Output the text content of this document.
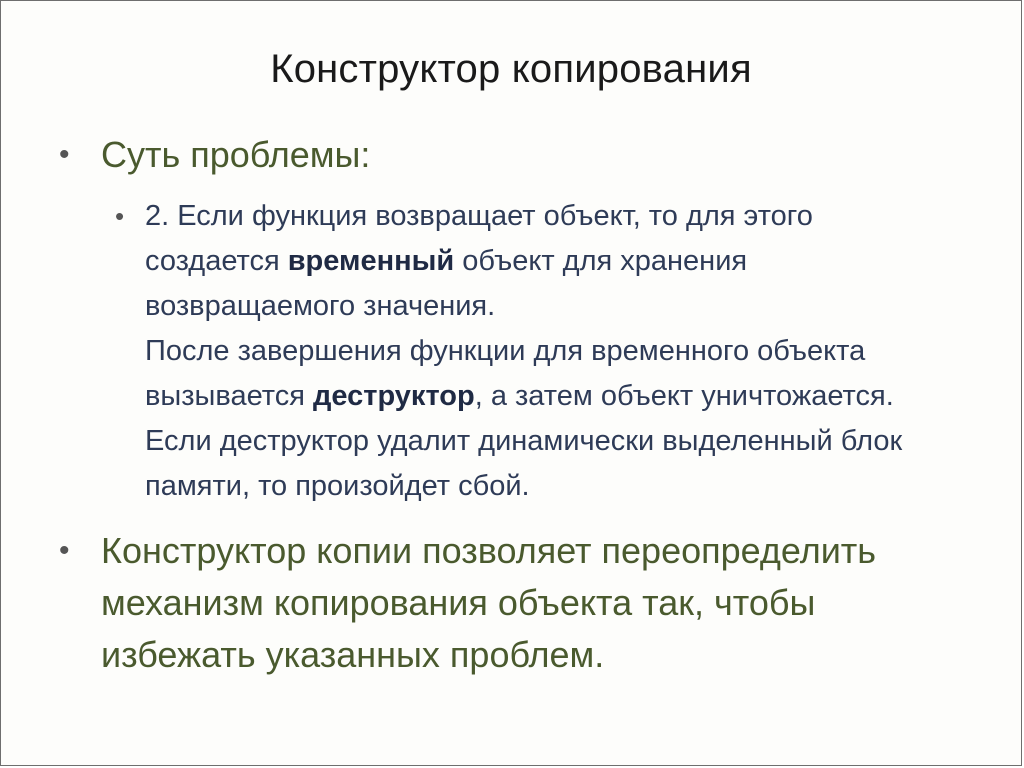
Конструктор копирования
• Суть проблемы:
• 2. Если функция возвращает объект, то для этого
создается временный объект для хранения
возвращаемого значения.
После завершения функции для временного объекта
вызывается деструктор, а затем объект уничтожается.
Если деструктор удалит динамически выделенный блок
памяти, то произойдет сбой.
• Конструктор копии позволяет переопределить
механизм копирования объекта так, чтобы
избежать указанных проблем.
